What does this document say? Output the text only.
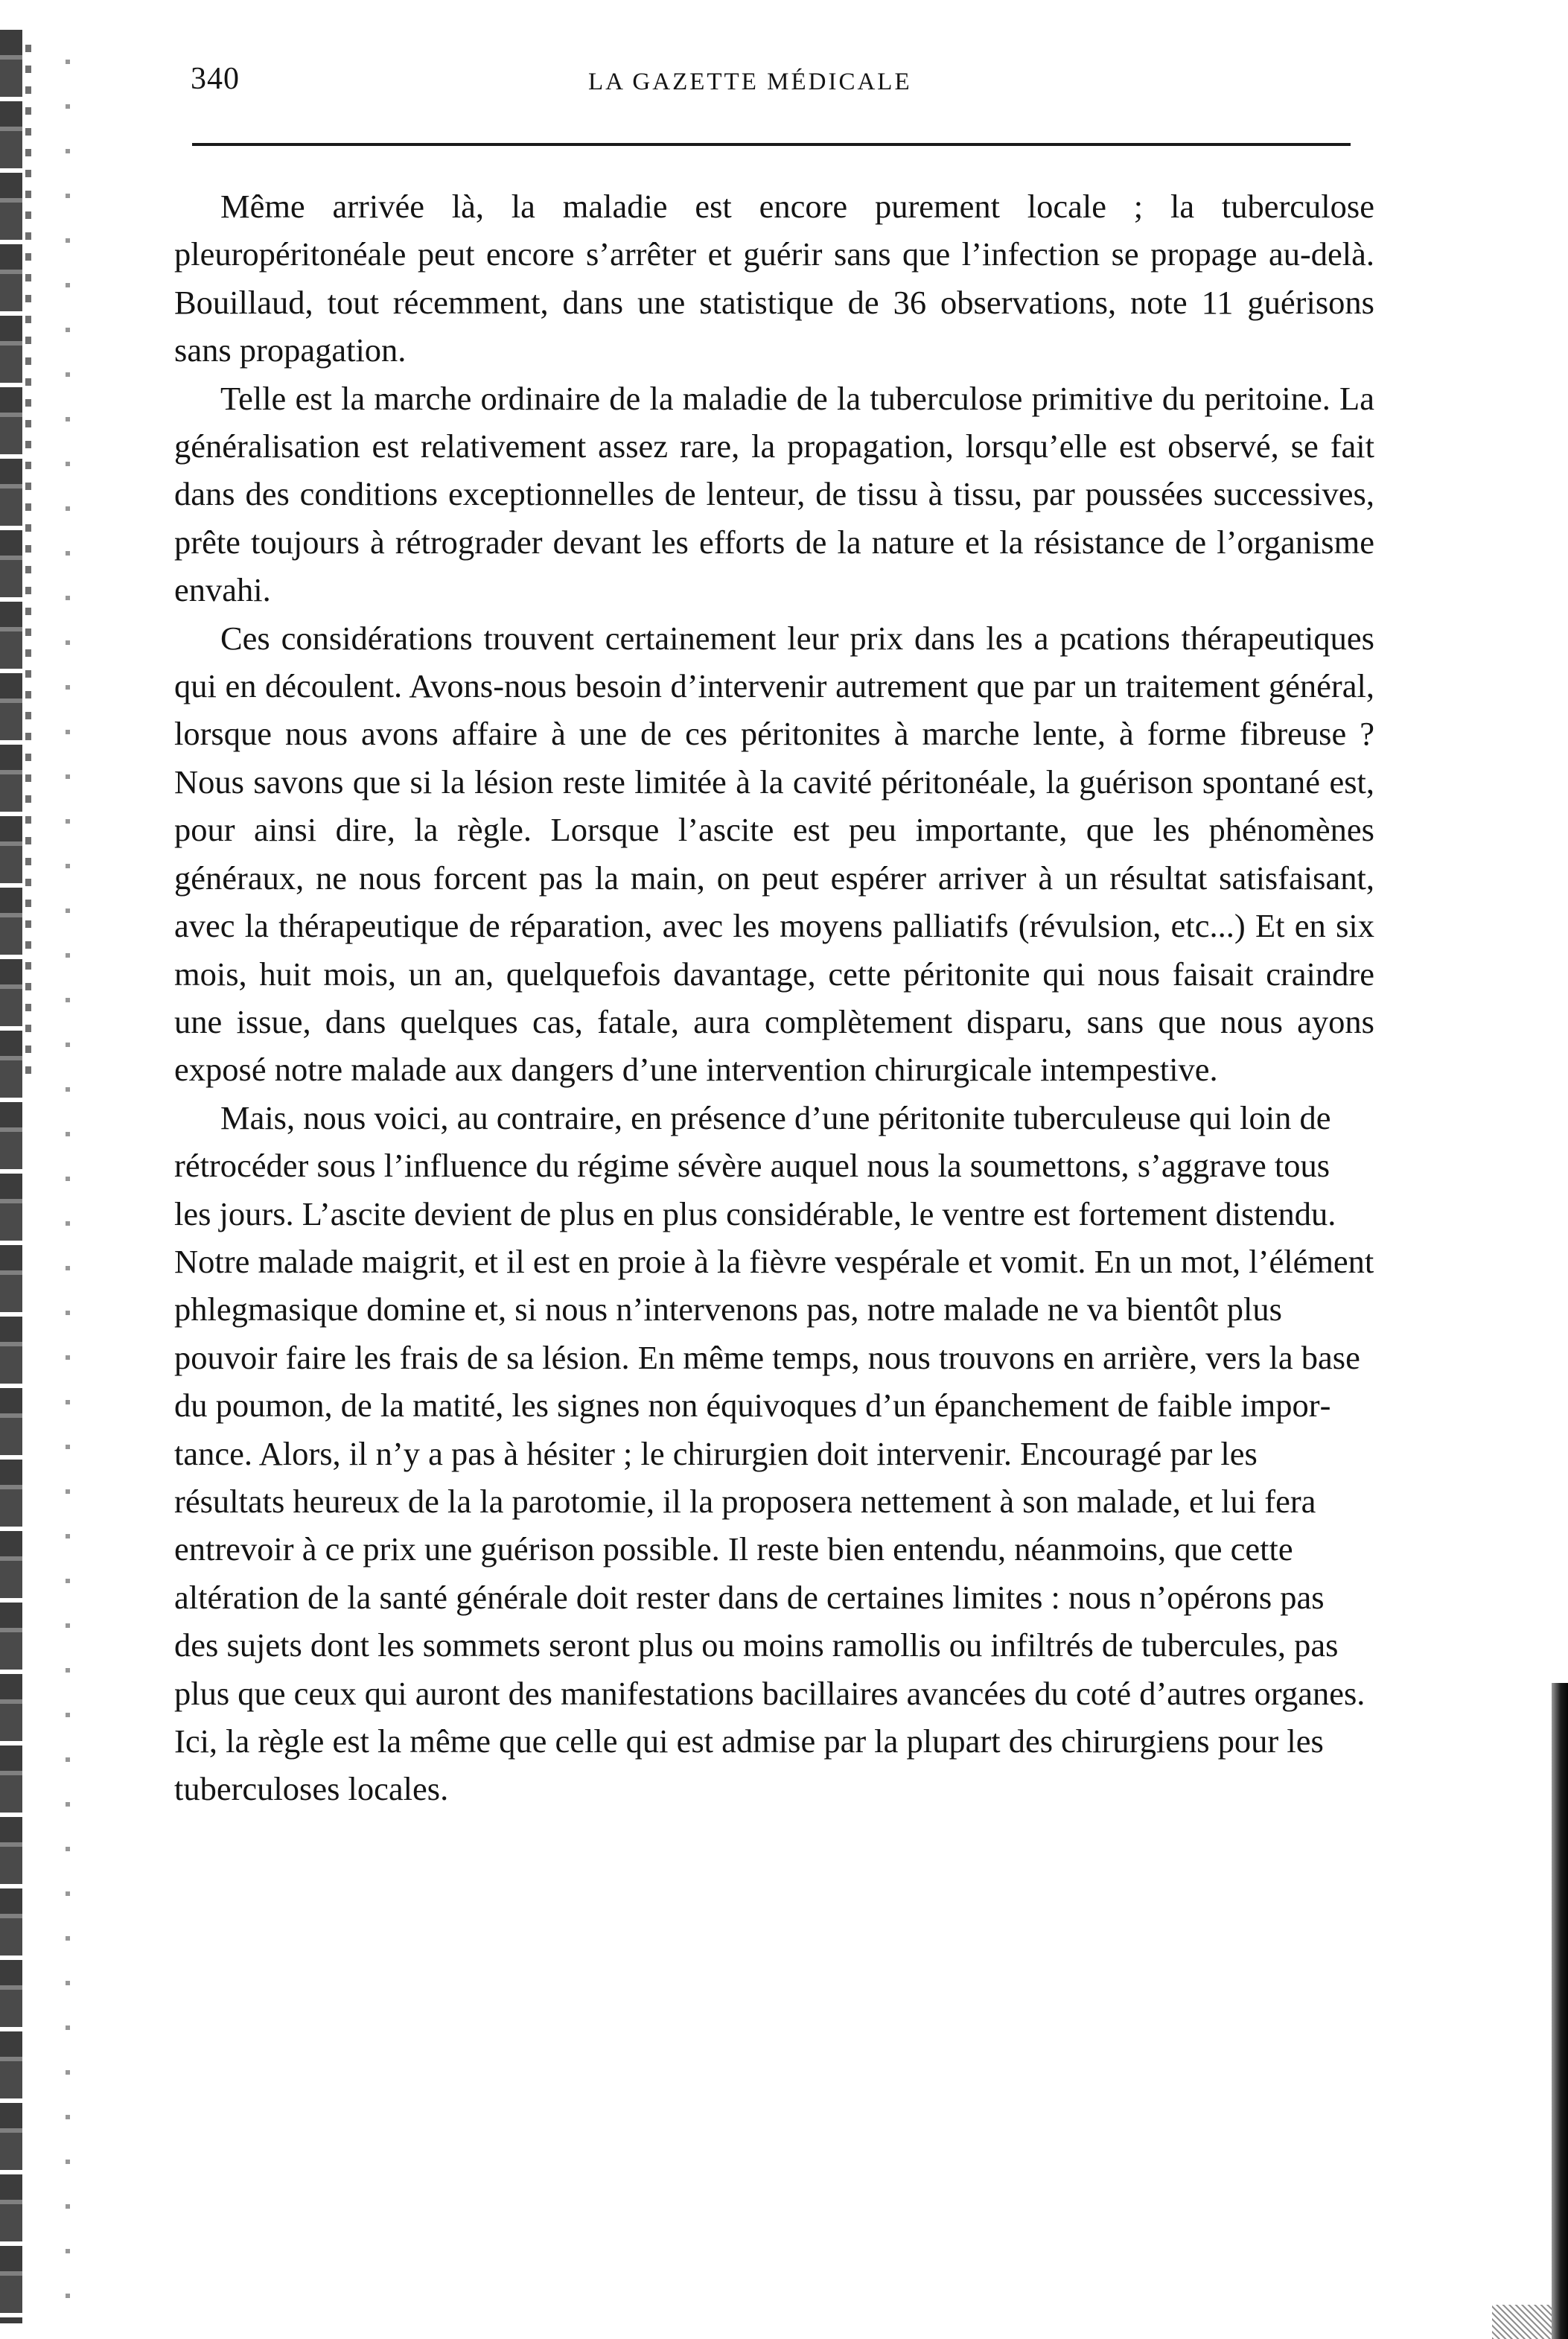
340	LA GAZETTE MÉDICALE

Même arrivée là, la maladie est encore purement locale ; la tuberculose pleuropéritonéale peut encore s’arrêter et guérir sans que l’infection se propage au-delà. Bouillaud, tout récemment, dans une statistique de 36 observations, note 11 guérisons sans propagation.

Telle est la marche ordinaire de la maladie de la tuberculose primitive du peritoine. La généralisation est relativement assez rare, la propagation, lorsqu’elle est observé, se fait dans des conditions exceptionnelles de lenteur, de tissu à tissu, par poussées successives, prête toujours à rétrograder devant les efforts de la nature et la résistance de l’organisme envahi.

Ces considérations trouvent certainement leur prix dans les a pcations thérapeutiques qui en découlent. Avons-nous besoin d’intervenir autrement que par un traitement général, lorsque nous avons affaire à une de ces péritonites à marche lente, à forme fibreuse ? Nous savons que si la lésion reste limitée à la cavité péritonéale, la guérison spontané est, pour ainsi dire, la règle. Lorsque l’ascite est peu importante, que les phénomènes généraux, ne nous forcent pas la main, on peut espérer arriver à un résultat satisfaisant, avec la thérapeutique de réparation, avec les moyens palliatifs (révulsion, etc...) Et en six mois, huit mois, un an, quelquefois davantage, cette péritonite qui nous faisait craindre une issue, dans quelques cas, fatale, aura complètement disparu, sans que nous ayons exposé notre malade aux dangers d’une intervention chirurgicale intempestive.

Mais, nous voici, au contraire, en présence d’une péritonite tuberculeuse qui loin de rétrocéder sous l’influence du régime sévère auquel nous la soumettons, s’aggrave tous les jours. L’ascite devient de plus en plus considérable, le ventre est fortement distendu. Notre malade maigrit, et il est en proie à la fièvre vespérale et vomit. En un mot, l’élément phlegmasique domine et, si nous n’intervenons pas, notre malade ne va bientôt plus pouvoir faire les frais de sa lésion. En même temps, nous trouvons en arrière, vers la base du poumon, de la matité, les signes non équivoques d’un épanchement de faible importance. Alors, il n’y a pas à hésiter ; le chirurgien doit intervenir. Encouragé par les résultats heureux de la la parotomie, il la proposera nettement à son malade, et lui fera entrevoir à ce prix une guérison possible. Il reste bien entendu, néanmoins, que cette altération de la santé générale doit rester dans de certaines limites : nous n’opérons pas des sujets dont les sommets seront plus ou moins ramollis ou infiltrés de tubercules, pas plus que ceux qui auront des manifestations bacillaires avancées du coté d’autres organes. Ici, la règle est la même que celle qui est admise par la plupart des chirurgiens pour les tuberculoses locales.
